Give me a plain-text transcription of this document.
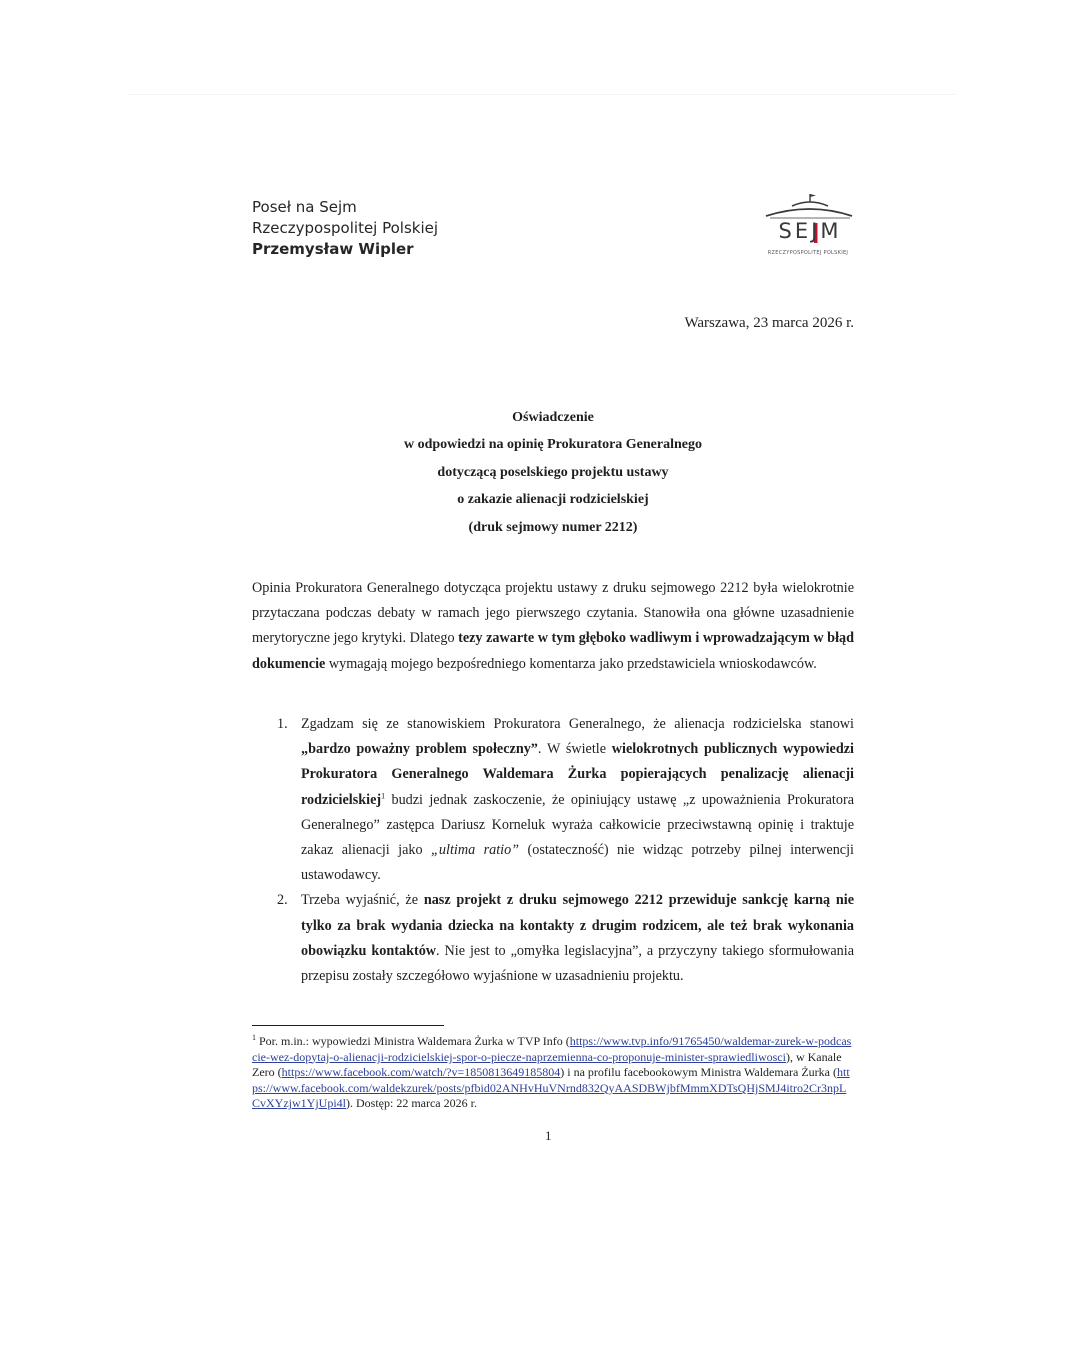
Poseł na Sejm
Rzeczypospolitej Polskiej
Przemysław Wipler
SEJM
RZECZYPOSPOLITEJ POLSKIEJ
Warszawa, 23 marca 2026 r.
Oświadczenie
w odpowiedzi na opinię Prokuratora Generalnego
dotyczącą poselskiego projektu ustawy
o zakazie alienacji rodzicielskiej
(druk sejmowy numer 2212)

Opinia Prokuratora Generalnego dotycząca projektu ustawy z druku sejmowego 2212 była wielokrotnie przytaczana podczas debaty w ramach jego pierwszego czytania. Stanowiła ona główne uzasadnienie merytoryczne jego krytyki. Dlatego tezy zawarte w tym głęboko wadliwym i wprowadzającym w błąd dokumencie wymagają mojego bezpośredniego komentarza jako przedstawiciela wnioskodawców.

1. Zgadzam się ze stanowiskiem Prokuratora Generalnego, że alienacja rodzicielska stanowi „bardzo poważny problem społeczny”. W świetle wielokrotnych publicznych wypowiedzi Prokuratora Generalnego Waldemara Żurka popierających penalizację alienacji rodzicielskiej$^1$ budzi jednak zaskoczenie, że opiniujący ustawę „z upoważnienia Prokuratora Generalnego” zastępca Dariusz Korneluk wyraża całkowicie przeciwstawną opinię i traktuje zakaz alienacji jako „ultima ratio” (ostateczność) nie widząc potrzeby pilnej interwencji ustawodawcy.
2. Trzeba wyjaśnić, że nasz projekt z druku sejmowego 2212 przewiduje sankcję karną nie tylko za brak wydania dziecka na kontakty z drugim rodzicem, ale też brak wykonania obowiązku kontaktów. Nie jest to „omyłka legislacyjna”, a przyczyny takiego sformułowania przepisu zostały szczegółowo wyjaśnione w uzasadnieniu projektu.
$^1$ Por. m.in.: wypowiedzi Ministra Waldemara Żurka w TVP Info (https://www.tvp.info/91765450/waldemar-zurek-w-podcascie-wez-dopytaj-o-alienacji-rodzicielskiej-spor-o-piecze-naprzemienna-co-proponuje-minister-sprawiedliwosci), w Kanale Zero (https://www.facebook.com/watch/?v=1850813649185804) i na profilu facebookowym Ministra Waldemara Żurka (https://www.facebook.com/waldekzurek/posts/pfbid02ANHvHuVNrnd832QyAASDBWjbfMmmXDTsQHjSMJ4itro2Cr3npLCvXYzjw1YjUpi4l). Dostęp: 22 marca 2026 r.
1
